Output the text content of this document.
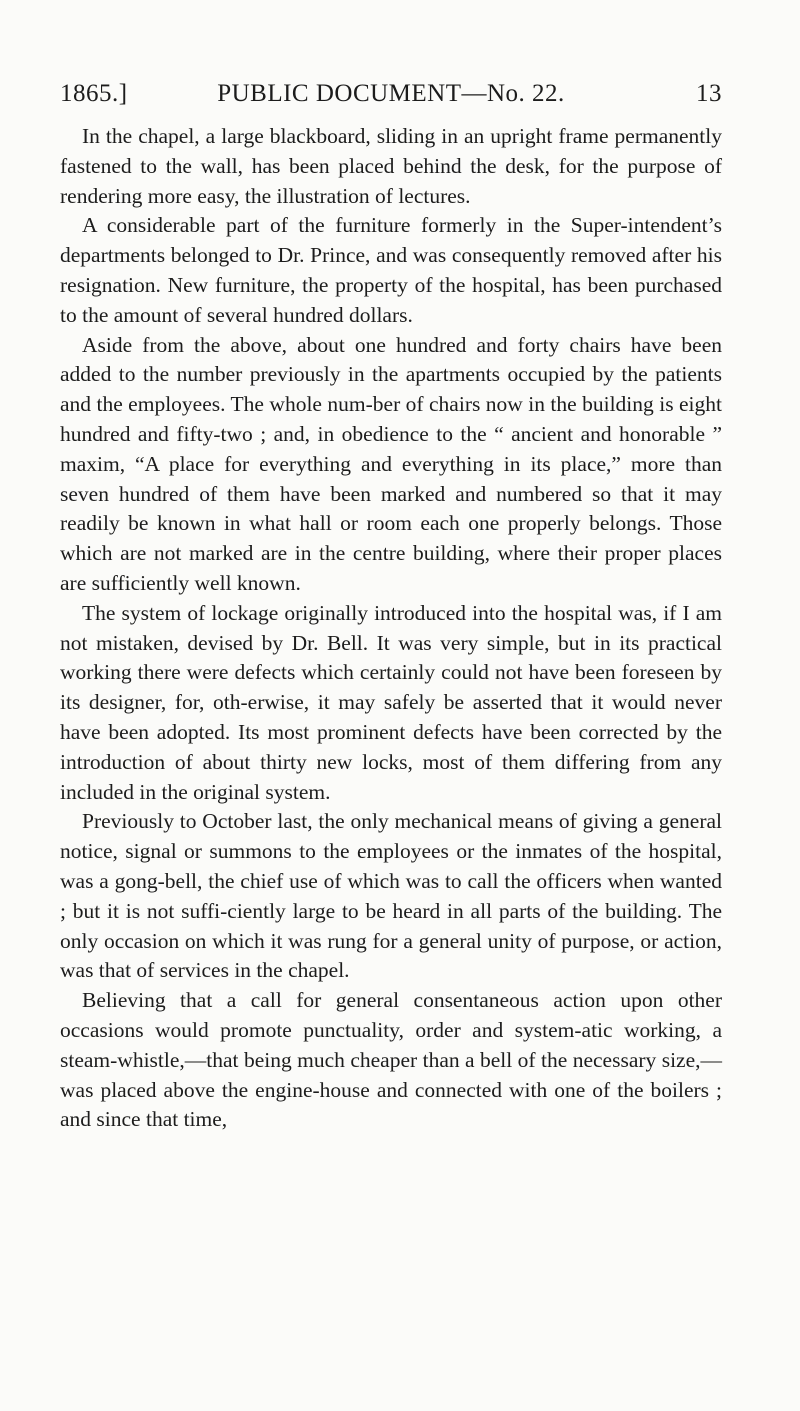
1865.]	PUBLIC DOCUMENT—No. 22.	13

In the chapel, a large blackboard, sliding in an upright frame permanently fastened to the wall, has been placed behind the desk, for the purpose of rendering more easy, the illustration of lectures.

A considerable part of the furniture formerly in the Super-intendent’s departments belonged to Dr. Prince, and was consequently removed after his resignation. New furniture, the property of the hospital, has been purchased to the amount of several hundred dollars.

Aside from the above, about one hundred and forty chairs have been added to the number previously in the apartments occupied by the patients and the employees. The whole num-ber of chairs now in the building is eight hundred and fifty-two ; and, in obedience to the “ ancient and honorable ” maxim, “A place for everything and everything in its place,” more than seven hundred of them have been marked and numbered so that it may readily be known in what hall or room each one properly belongs. Those which are not marked are in the centre building, where their proper places are sufficiently well known.

The system of lockage originally introduced into the hospital was, if I am not mistaken, devised by Dr. Bell. It was very simple, but in its practical working there were defects which certainly could not have been foreseen by its designer, for, oth-erwise, it may safely be asserted that it would never have been adopted. Its most prominent defects have been corrected by the introduction of about thirty new locks, most of them differing from any included in the original system.

Previously to October last, the only mechanical means of giving a general notice, signal or summons to the employees or the inmates of the hospital, was a gong-bell, the chief use of which was to call the officers when wanted ; but it is not suffi-ciently large to be heard in all parts of the building. The only occasion on which it was rung for a general unity of purpose, or action, was that of services in the chapel.

Believing that a call for general consentaneous action upon other occasions would promote punctuality, order and system-atic working, a steam-whistle,—that being much cheaper than a bell of the necessary size,—was placed above the engine-house and connected with one of the boilers ; and since that time,
